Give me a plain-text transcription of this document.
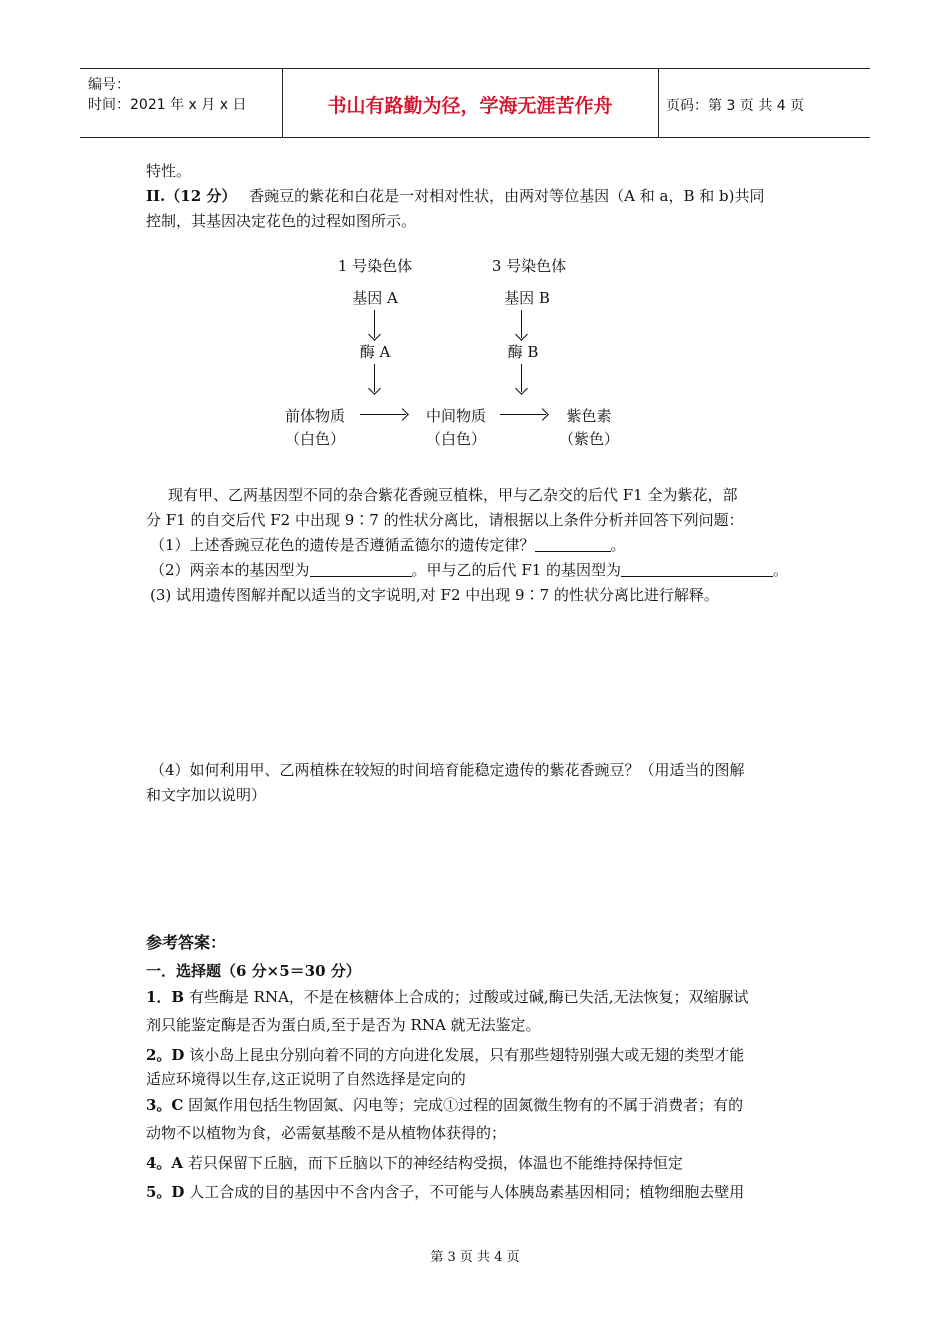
编号：
时间：2021 年 x 月 x 日	书山有路勤为径，学海无涯苦作舟	页码：第 3 页 共 4 页
特性。
II.（12 分） 香豌豆的紫花和白花是一对相对性状，由两对等位基因（A 和 a，B 和 b)共同
控制，其基因决定花色的过程如图所示。
1 号染色体	3 号染色体
基因 A	基因 B
酶 A	酶 B
前体物质
（白色）
中间物质
（白色）
紫色素
（紫色）
现有甲、乙两基因型不同的杂合紫花香豌豆植株，甲与乙杂交的后代 F1 全为紫花，部
分 F1 的自交后代 F2 中出现 9∶7 的性状分离比，请根据以上条件分析并回答下列问题：
（1）上述香豌豆花色的遗传是否遵循孟德尔的遗传定律？	。
（2）两亲本的基因型为	。甲与乙的后代 F1 的基因型为	。
(3) 试用遗传图解并配以适当的文字说明,对 F2 中出现 9∶7 的性状分离比进行解释。
（4）如何利用甲、乙两植株在较短的时间培育能稳定遗传的紫花香豌豆？（用适当的图解
和文字加以说明）
参考答案：
一．选择题（6 分×5＝30 分）
1．B 有些酶是 RNA，不是在核糖体上合成的；过酸或过碱,酶已失活,无法恢复；双缩脲试
剂只能鉴定酶是否为蛋白质,至于是否为 RNA 就无法鉴定。
2。D 该小岛上昆虫分别向着不同的方向进化发展，只有那些翅特别强大或无翅的类型才能
适应环境得以生存,这正说明了自然选择是定向的
3。C 固氮作用包括生物固氮、闪电等；完成①过程的固氮微生物有的不属于消费者；有的
动物不以植物为食，必需氨基酸不是从植物体获得的；
4。A 若只保留下丘脑，而下丘脑以下的神经结构受损，体温也不能维持保持恒定
5。D 人工合成的目的基因中不含内含子，不可能与人体胰岛素基因相同；植物细胞去壁用
第 3 页 共 4 页
